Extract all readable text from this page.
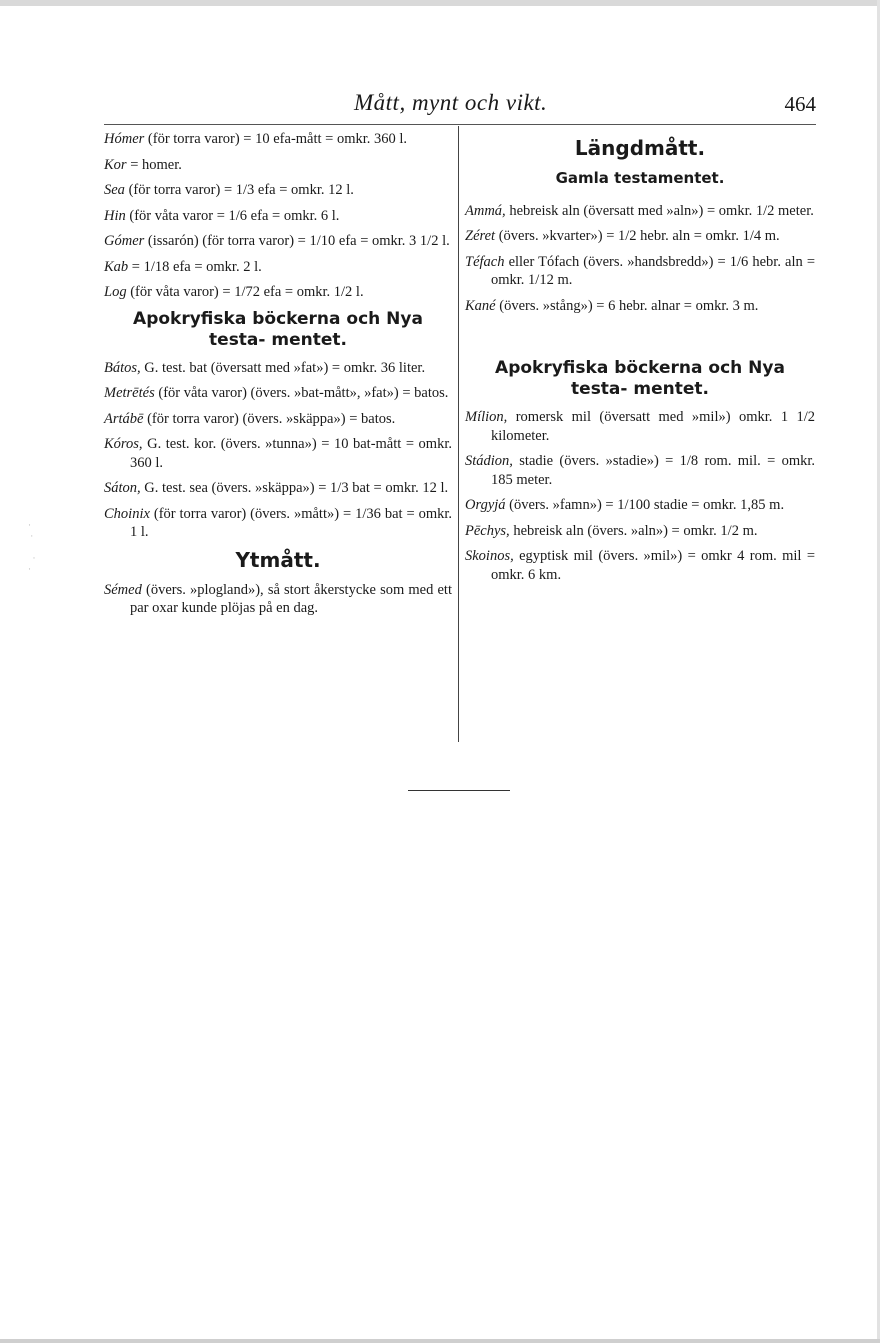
·
·

·
·
Mått, mynt och vikt.	464

Hómer (för torra varor) = 10 efa-mått = omkr. 360 l.

Kor = homer.

Sea (för torra varor) = 1/3 efa = omkr. 12 l.

Hin (för våta varor = 1/6 efa = omkr. 6 l.

Gómer (issarón) (för torra varor) = 1/10 efa = omkr. 3 1/2 l.

Kab = 1/18 efa = omkr. 2 l.

Log (för våta varor) = 1/72 efa = omkr. 1/2 l.

Apokryfiska böckerna och Nya testa- mentet.

Bátos, G. test. bat (översatt med »fat») = omkr. 36 liter.

Metrētés (för våta varor) (övers. »bat-mått», »fat») = batos.

Artábē (för torra varor) (övers. »skäppa») = batos.

Kóros, G. test. kor. (övers. »tunna») = 10 bat-mått = omkr. 360 l.

Sáton, G. test. sea (övers. »skäppa») = 1/3 bat = omkr. 12 l.

Choinix (för torra varor) (övers. »mått») = 1/36 bat = omkr. 1 l.

Ytmått.

Sémed (övers. »plogland»), så stort åkerstycke som med ett par oxar kunde plöjas på en dag.

Längdmått.
Gamla testamentet.

Ammá, hebreisk aln (översatt med »aln») = omkr. 1/2 meter.

Zéret (övers. »kvarter») = 1/2 hebr. aln = omkr. 1/4 m.

Téfach eller Tófach (övers. »handsbredd») = 1/6 hebr. aln = omkr. 1/12 m.

Kané (övers. »stång») = 6 hebr. alnar = omkr. 3 m.

Apokryfiska böckerna och Nya testa- mentet.

Mílion, romersk mil (översatt med »mil») omkr. 1 1/2 kilometer.

Stádion, stadie (övers. »stadie») = 1/8 rom. mil. = omkr. 185 meter.

Orgyjá (övers. »famn») = 1/100 stadie = omkr. 1,85 m.

Pēchys, hebreisk aln (övers. »aln») = omkr. 1/2 m.

Skoinos, egyptisk mil (övers. »mil») = omkr 4 rom. mil = omkr. 6 km.
